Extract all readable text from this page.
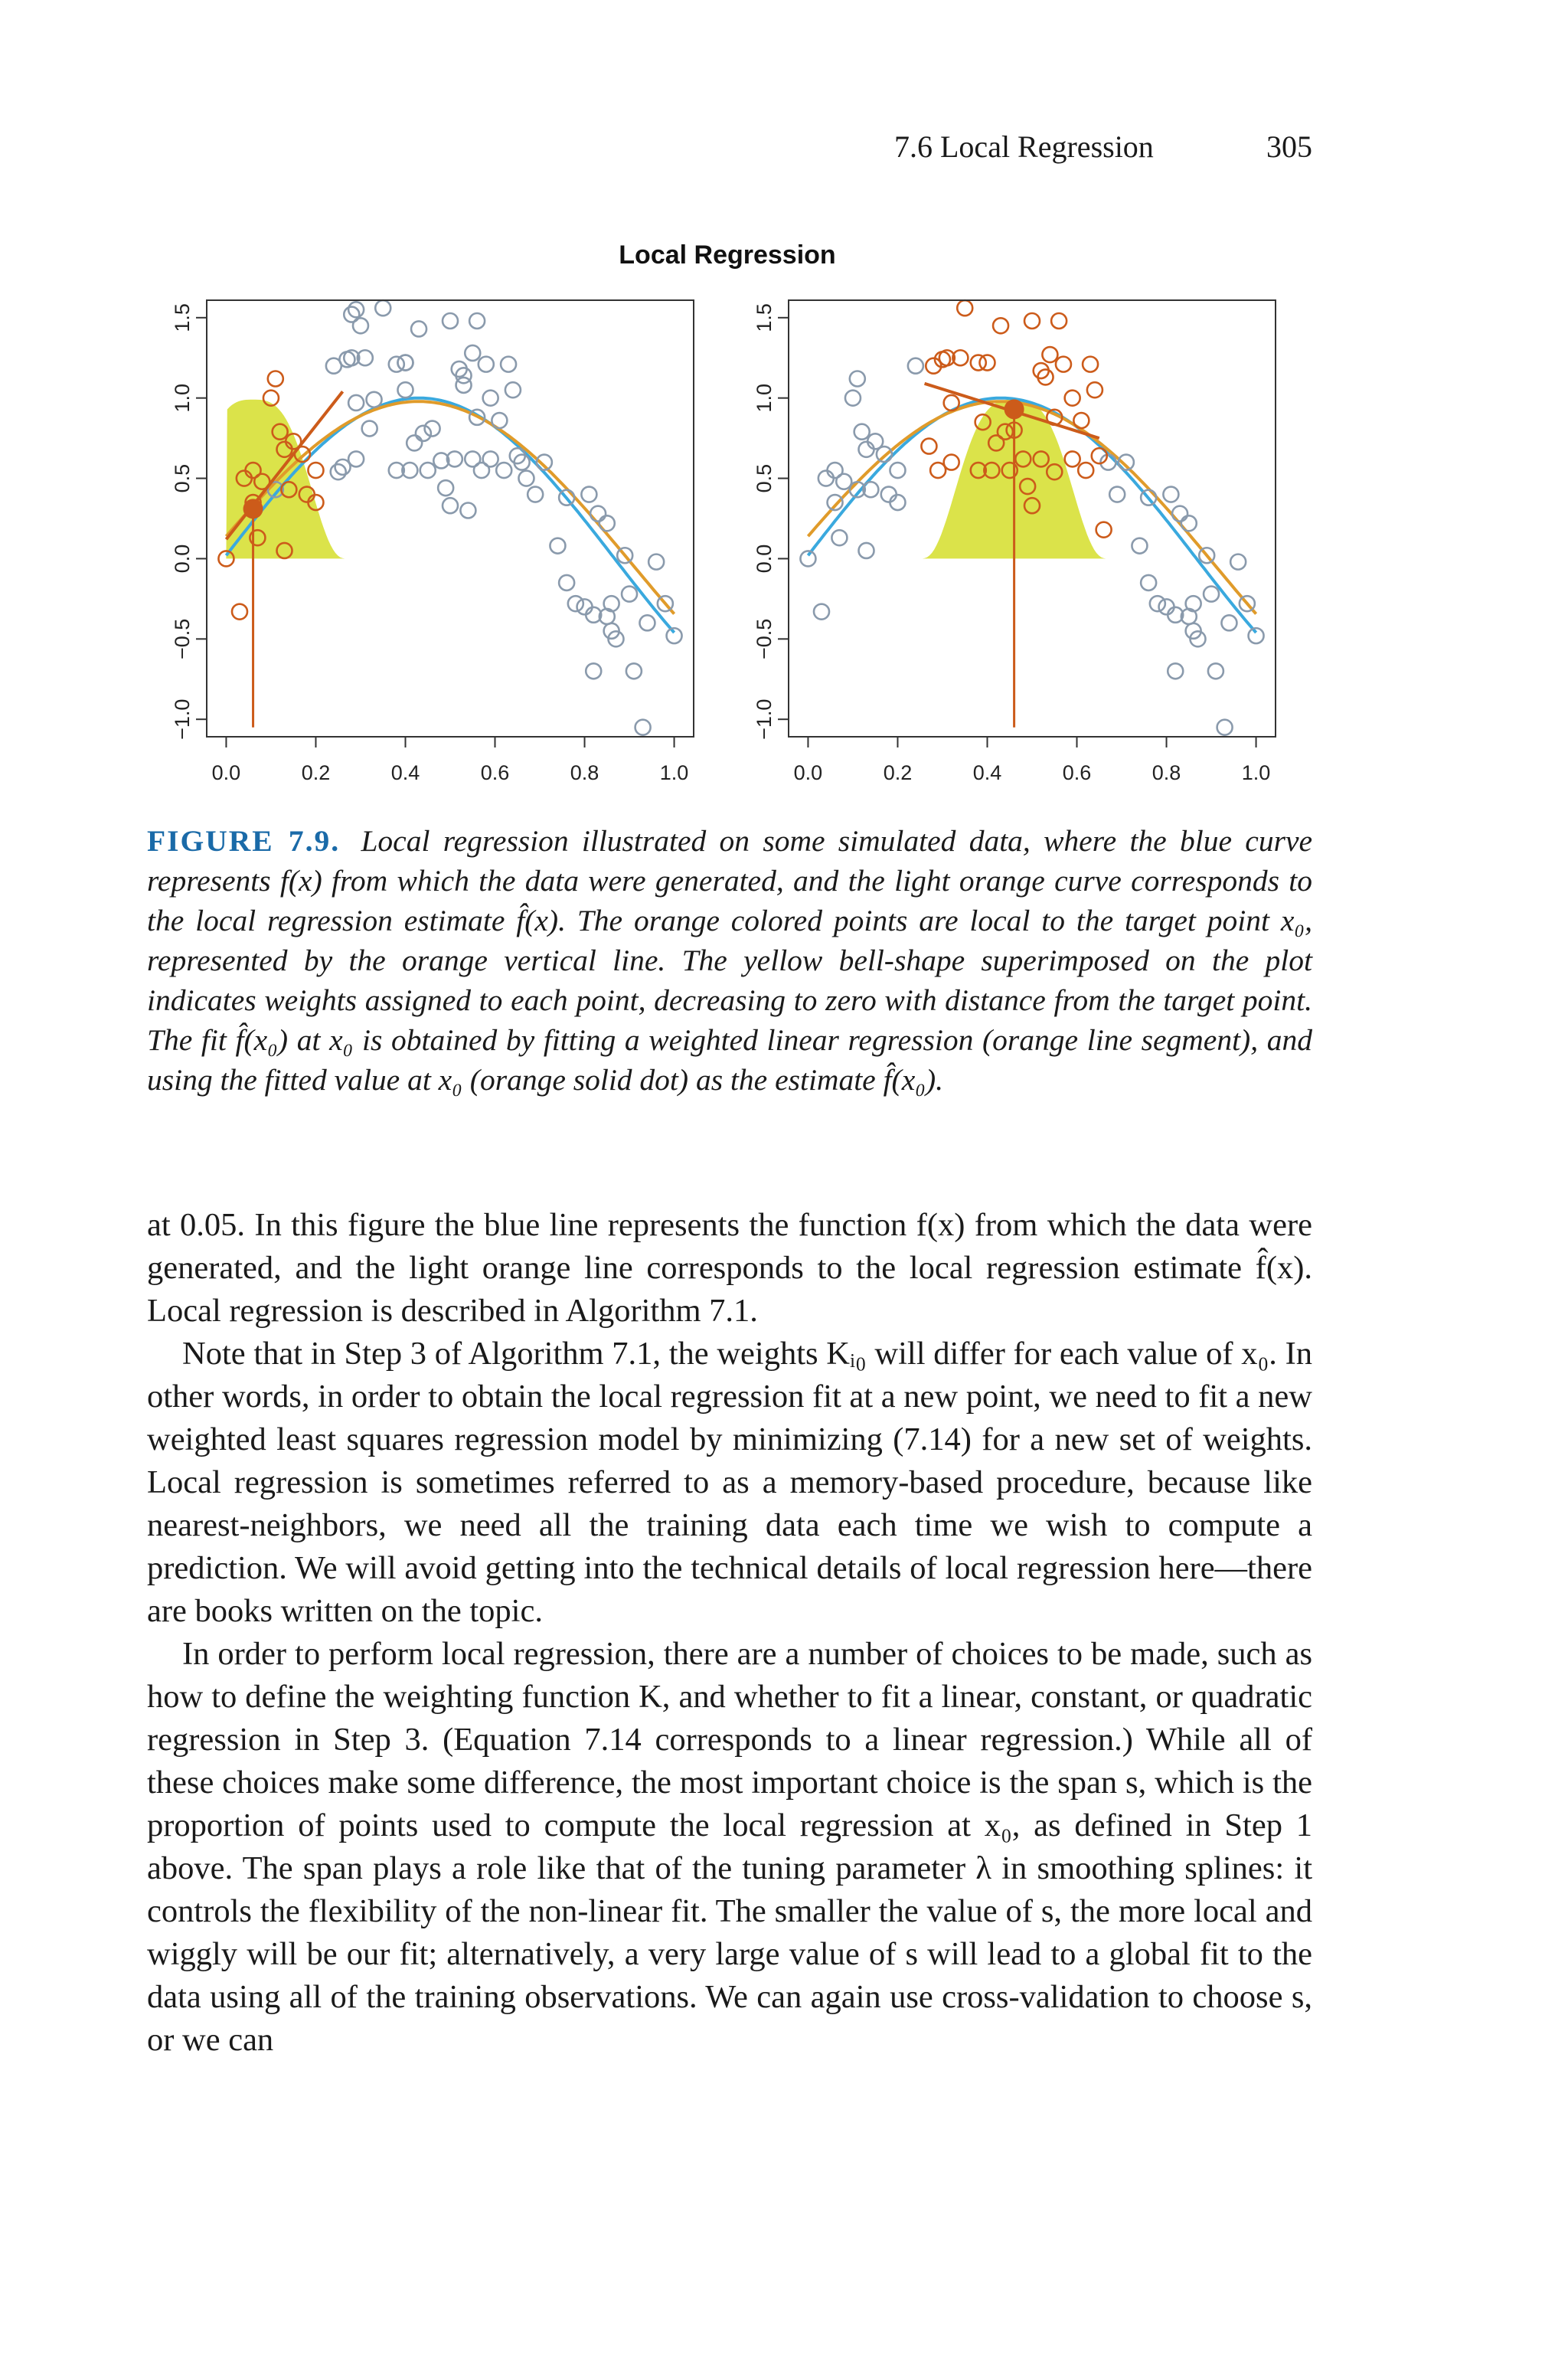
7.6 Local Regression	305
Local Regression
0.0	0.2	0.4	0.6	0.8	1.0
−1.0
−0.5
0.0
0.5
1.0
1.5
0.0	0.2	0.4	0.6	0.8	1.0
−1.0
−0.5
0.0
0.5
1.0
1.5
FIGURE 7.9. Local regression illustrated on some simulated data, where the blue curve represents f(x) from which the data were generated, and the light orange curve corresponds to the local regression estimate f̂(x). The orange colored points are local to the target point x₀, represented by the orange vertical line. The yellow bell-shape superimposed on the plot indicates weights assigned to each point, decreasing to zero with distance from the target point. The fit f̂(x₀) at x₀ is obtained by fitting a weighted linear regression (orange line segment), and using the fitted value at x₀ (orange solid dot) as the estimate f̂(x₀).

at 0.05. In this figure the blue line represents the function f(x) from which the data were generated, and the light orange line corresponds to the local regression estimate f̂(x). Local regression is described in Algorithm 7.1.

Note that in Step 3 of Algorithm 7.1, the weights Kᵢ₀ will differ for each value of x₀. In other words, in order to obtain the local regression fit at a new point, we need to fit a new weighted least squares regression model by minimizing (7.14) for a new set of weights. Local regression is sometimes referred to as a memory-based procedure, because like nearest-neighbors, we need all the training data each time we wish to compute a prediction. We will avoid getting into the technical details of local regression here—there are books written on the topic.

In order to perform local regression, there are a number of choices to be made, such as how to define the weighting function K, and whether to fit a linear, constant, or quadratic regression in Step 3. (Equation 7.14 corresponds to a linear regression.) While all of these choices make some difference, the most important choice is the span s, which is the proportion of points used to compute the local regression at x₀, as defined in Step 1 above. The span plays a role like that of the tuning parameter λ in smoothing splines: it controls the flexibility of the non-linear fit. The smaller the value of s, the more local and wiggly will be our fit; alternatively, a very large value of s will lead to a global fit to the data using all of the training observations. We can again use cross-validation to choose s, or we can
